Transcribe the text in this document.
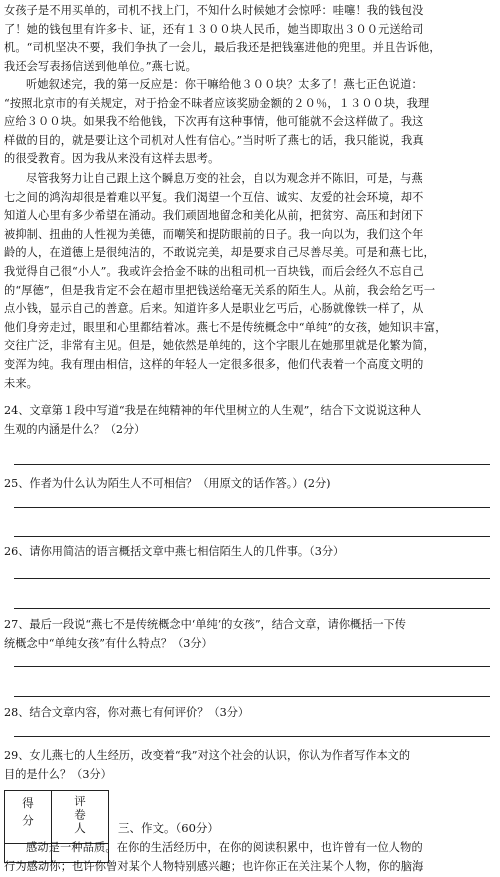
女孩子是不用买单的，司机不找上门，不知什么时候她才会惊呼：哇噻！我的钱包没
了！她的钱包里有许多卡、证，还有１３００块人民币，她当即取出３００元送给司
机。“司机坚决不要，我们争执了一会儿，最后我还是把钱塞进他的兜里。并且告诉他，
我还会写表扬信送到他单位。”燕七说。
听她叙述完，我的第一反应是：你干嘛给他３００块？太多了！燕七正色说道：
“按照北京市的有关规定，对于拾金不昧者应该奖励金额的２０％，１３００块，我理
应给３００块。如果我不给他钱，下次再有这种事情，他可能就不会这样做了。我这
样做的目的，就是要让这个司机对人性有信心。”当时听了燕七的话，我只能说，我真
的很受教育。因为我从来没有这样去思考。
尽管我努力让自己跟上这个瞬息万变的社会，自以为观念并不陈旧，可是，与燕
七之间的鸿沟却很是着难以平复。我们渴望一个互信、诚实、友爱的社会环境，却不
知道人心里有多少希望在涌动。我们顽固地留念和美化从前，把贫穷、高压和封闭下
被抑制、扭曲的人性视为美德，而嘲笑和提防眼前的日子。我一向以为，我们这个年
龄的人，在道德上是很纯洁的，不敢说完美，却是要求自己尽善尽美。可是和燕七比，
我觉得自己很“小人”。我或许会拾金不昧的出租司机一百块钱，而后会经久不忘自己
的“厚德”，但是我肯定不会在超市里把钱送给毫无关系的陌生人。从前，我会给乞丐一
点小钱，显示自己的善意。后来。知道许多人是职业乞丐后，心肠就像铁一样了，从
他们身旁走过，眼里和心里都结着冰。燕七不是传统概念中“单纯”的女孩，她知识丰富，
交往广泛，非常有主见。但是，她依然是单纯的，这个字眼儿在她那里就是化繁为简，
变浑为纯。我有理由相信，这样的年轻人一定很多很多，他们代表着一个高度文明的
未来。
24、文章第１段中写道“我是在纯精神的年代里树立的人生观”，结合下文说说这种人
生观的内涵是什么？（2分）
25、作者为什么认为陌生人不可相信？（用原文的话作答。）(2分)
26、请你用简洁的语言概括文章中燕七相信陌生人的几件事。（3分）
27、最后一段说“燕七不是传统概念中‘单纯’的女孩”，结合文章，请你概括一下传
统概念中“单纯女孩”有什么特点？（3分）
28、结合文章内容，你对燕七有何评价？（3分）
29、女儿燕七的人生经历，改变着“我”对这个社会的认识，你认为作者写作本文的
目的是什么？（3分）
得分	评卷人
		三、作文。（60分）
感动是一种品质。在你的生活经历中，在你的阅读积累中，也许曾有一位人物的
行为感动你；也许你曾对某个人物特别感兴趣；也许你正在关注某个人物，你的脑海
